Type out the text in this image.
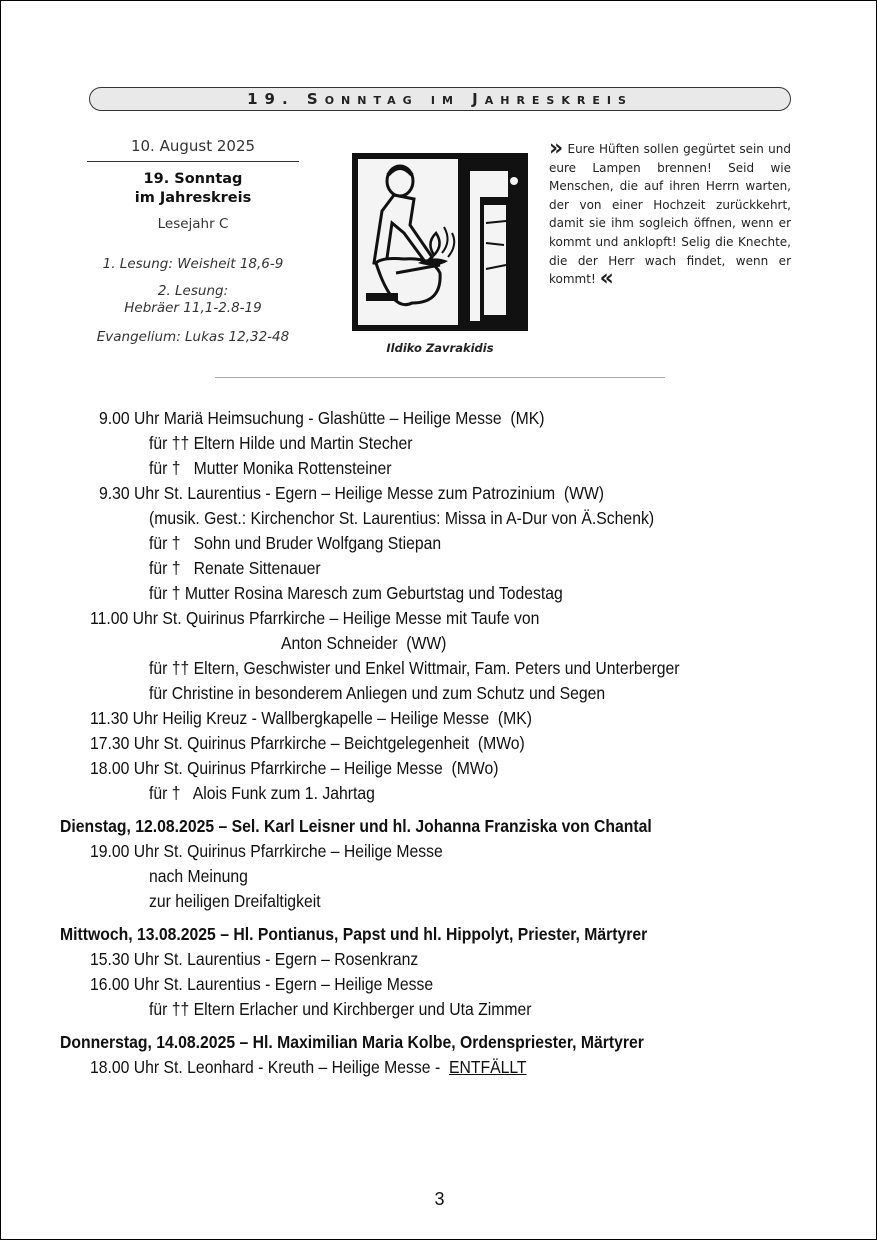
19. Sonntag im Jahreskreis
10. August 2025
19. Sonntag
im Jahreskreis
Lesejahr C
1. Lesung: Weisheit 18,6-9
2. Lesung:
Hebräer 11,1-2.8-19
Evangelium: Lukas 12,32-48
Ildiko Zavrakidis
» Eure Hüften sollen gegürtet sein und eure Lampen brennen! Seid wie Menschen, die auf ihren Herrn warten, der von einer Hochzeit zurückkehrt, damit sie ihm sogleich öffnen, wenn er kommt und anklopft! Selig die Knechte, die der Herr wach findet, wenn er kommt! «
9.00 Uhr Mariä Heimsuchung - Glashütte – Heilige Messe  (MK)
für †† Eltern Hilde und Martin Stecher
für †   Mutter Monika Rottensteiner
9.30 Uhr St. Laurentius - Egern – Heilige Messe zum Patrozinium  (WW)
(musik. Gest.: Kirchenchor St. Laurentius: Missa in A-Dur von Ä.Schenk)
für †   Sohn und Bruder Wolfgang Stiepan
für †   Renate Sittenauer
für † Mutter Rosina Maresch zum Geburtstag und Todestag
11.00 Uhr St. Quirinus Pfarrkirche – Heilige Messe mit Taufe von
Anton Schneider  (WW)
für †† Eltern, Geschwister und Enkel Wittmair, Fam. Peters und Unterberger
für Christine in besonderem Anliegen und zum Schutz und Segen
11.30 Uhr Heilig Kreuz - Wallbergkapelle – Heilige Messe  (MK)
17.30 Uhr St. Quirinus Pfarrkirche – Beichtgelegenheit  (MWo)
18.00 Uhr St. Quirinus Pfarrkirche – Heilige Messe  (MWo)
für †   Alois Funk zum 1. Jahrtag
Dienstag, 12.08.2025 – Sel. Karl Leisner und hl. Johanna Franziska von Chantal
19.00 Uhr St. Quirinus Pfarrkirche – Heilige Messe
nach Meinung
zur heiligen Dreifaltigkeit
Mittwoch, 13.08.2025 – Hl. Pontianus, Papst und hl. Hippolyt, Priester, Märtyrer
15.30 Uhr St. Laurentius - Egern – Rosenkranz
16.00 Uhr St. Laurentius - Egern – Heilige Messe
für †† Eltern Erlacher und Kirchberger und Uta Zimmer
Donnerstag, 14.08.2025 – Hl. Maximilian Maria Kolbe, Ordenspriester, Märtyrer
18.00 Uhr St. Leonhard - Kreuth – Heilige Messe -  ENTFÄLLT
3
